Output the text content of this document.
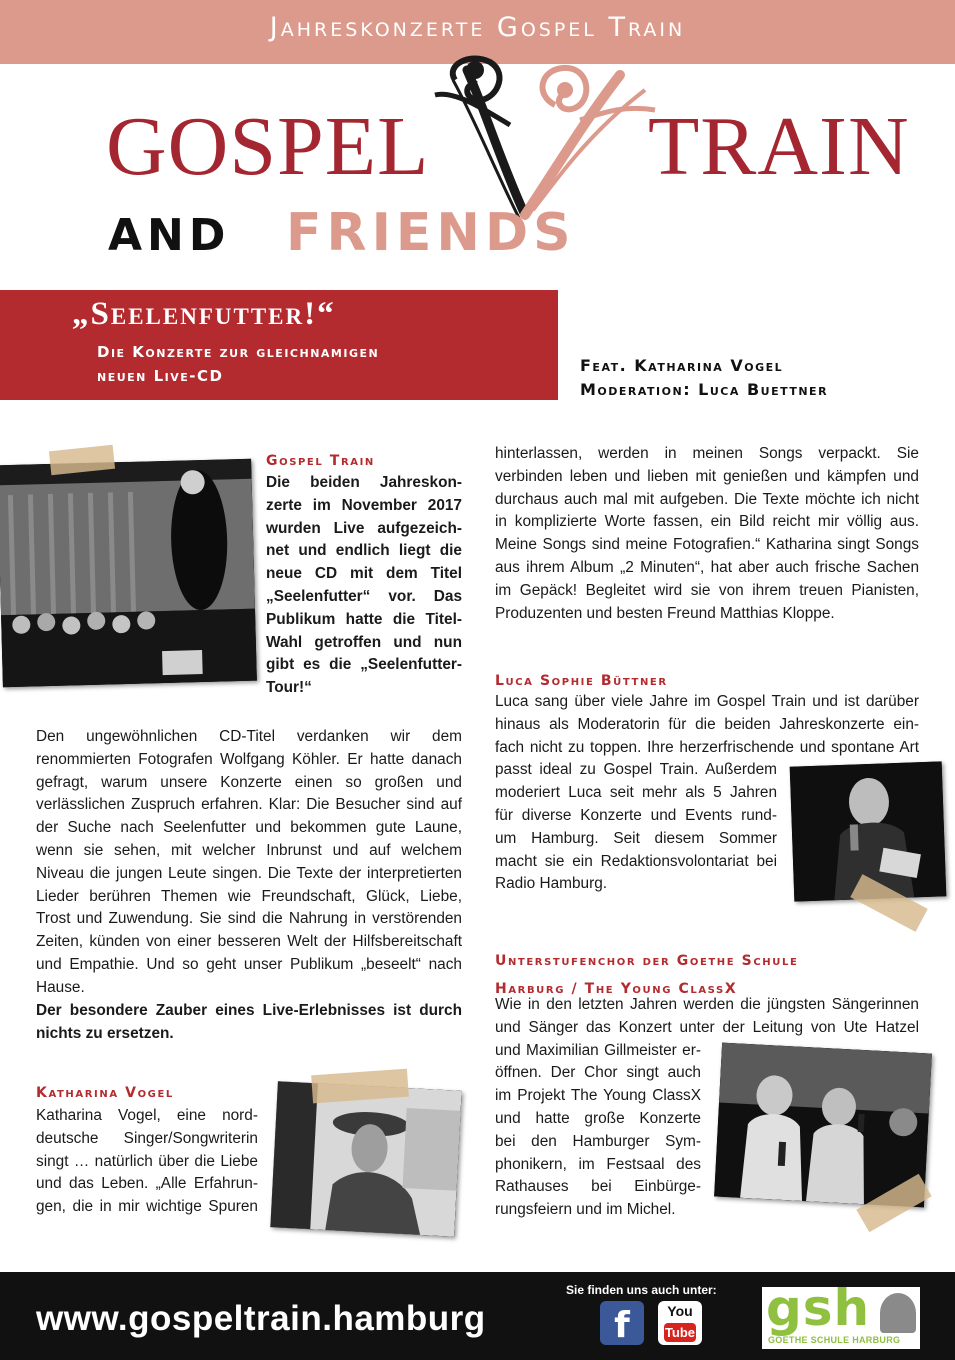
Jahreskonzerte Gospel Train
GOSPEL	TRAIN
AND FRIENDS
„Seelenfutter!“
Die Konzerte zur gleichnamigen
neuen Live-CD
Feat. Katharina Vogel
Moderation: Luca Buettner
Gospel Train
Die beiden Jahreskon-
zerte im November 2017
wurden Live aufgezeich-
net und endlich liegt die
neue CD mit dem Titel
„Seelenfutter“ vor. Das
Publikum hatte die Titel-
Wahl getroffen und nun
gibt es die „Seelenfutter-
Tour!“
Den ungewöhnlichen CD-Titel verdanken wir dem renommierten Fotografen Wolfgang Köhler. Er hatte danach gefragt, warum unsere Konzerte einen so großen und verlässlichen Zuspruch erfahren. Klar: Die Besucher sind auf der Suche nach Seelenfutter und bekommen gute Laune, wenn sie sehen, mit welcher Inbrunst und auf welchem Niveau die jungen Leute singen. Die Texte der interpretierten Lieder berühren Themen wie Freundschaft, Glück, Liebe, Trost und Zuwendung. Sie sind die Nahrung in verstörenden Zeiten, künden von einer besseren Welt der Hilfsbereitschaft und Empathie. Und so geht unser Publikum „beseelt“ nach Hause.
Der besondere Zauber eines Live-Erlebnisses ist durch nichts zu ersetzen.
Katharina Vogel
Katharina Vogel, eine nord-
deutsche Singer/Songwriterin
singt … natürlich über die Liebe
und das Leben. „Alle Erfahrun-
gen, die in mir wichtige Spuren
hinterlassen, werden in meinen Songs verpackt. Sie verbinden leben und lieben mit genießen und kämpfen und durchaus auch mal mit aufgeben. Die Texte möchte ich nicht in komplizierte Worte fassen, ein Bild reicht mir völlig aus. Meine Songs sind meine Fotografien.“ Katharina singt Songs aus ihrem Album „2 Minuten“, hat aber auch frische Sachen im Gepäck! Begleitet wird sie von ihrem treuen Pianisten, Produzenten und besten Freund Matthias Kloppe.
Luca Sophie Büttner
Luca sang über viele Jahre im Gospel Train und ist darüber
hinaus als Moderatorin für die beiden Jahreskonzerte ein-
fach nicht zu toppen. Ihre herzerfrischende und spontane Art
passt ideal zu Gospel Train. Außerdem
moderiert Luca seit mehr als 5 Jahren
für diverse Konzerte und Events rund-
um Hamburg. Seit diesem Sommer
macht sie ein Redaktionsvolontariat bei
Radio Hamburg.
Unterstufenchor der Goethe Schule
Harburg / The Young ClassX
Wie in den letzten Jahren werden die jüngsten Sängerinnen
und Sänger das Konzert unter der Leitung von Ute Hatzel
und Maximilian Gillmeister er-
öffnen. Der Chor singt auch
im Projekt The Young ClassX
und hatte große Konzerte
bei den Hamburger Sym-
phonikern, im Festsaal des
Rathauses bei Einbürge-
rungsfeiern und im Michel.
www.gospeltrain.hamburg
Sie finden uns auch unter:
f	You
Tube gsh
GOETHE SCHULE HARBURG
